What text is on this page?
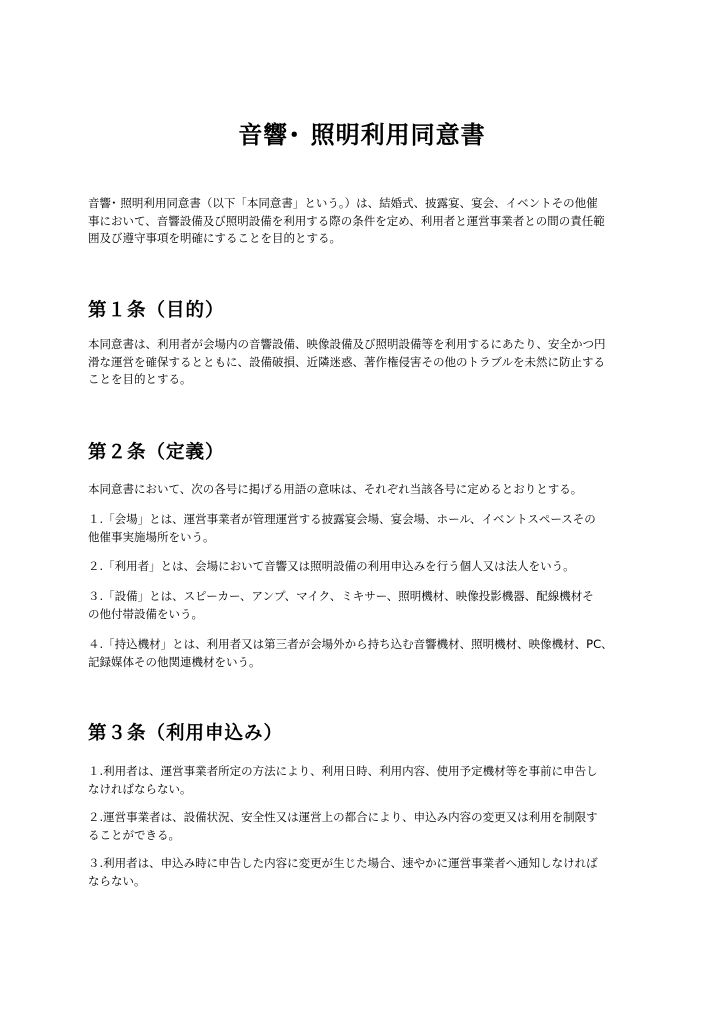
音響･ 照明利用同意書

音響･ 照明利用同意書（以下「本同意書」という。）は、結婚式、披露宴、宴会、イベントその他催
事において、音響設備及び照明設備を利用する際の条件を定め、利用者と運営事業者との間の責任範
囲及び遵守事項を明確にすることを目的とする。

第１条（目的）

本同意書は、利用者が会場内の音響設備、映像設備及び照明設備等を利用するにあたり、安全かつ円
滑な運営を確保するとともに、設備破損、近隣迷惑、著作権侵害その他のトラブルを未然に防止する
ことを目的とする。

第２条（定義）

本同意書において、次の各号に掲げる用語の意味は、それぞれ当該各号に定めるとおりとする。

１.「会場」とは、運営事業者が管理運営する披露宴会場、宴会場、ホール、イベントスペースその
他催事実施場所をいう。

２.「利用者」とは、会場において音響又は照明設備の利用申込みを行う個人又は法人をいう。

３.「設備」とは、スピーカー、アンプ、マイク、ミキサー、照明機材、映像投影機器、配線機材そ
の他付帯設備をいう。

４.「持込機材」とは、利用者又は第三者が会場外から持ち込む音響機材、照明機材、映像機材、PC、
記録媒体その他関連機材をいう。

第３条（利用申込み）

１.利用者は、運営事業者所定の方法により、利用日時、利用内容、使用予定機材等を事前に申告し
なければならない。

２.運営事業者は、設備状況、安全性又は運営上の都合により、申込み内容の変更又は利用を制限す
ることができる。

３.利用者は、申込み時に申告した内容に変更が生じた場合、速やかに運営事業者へ通知しなければ
ならない。
